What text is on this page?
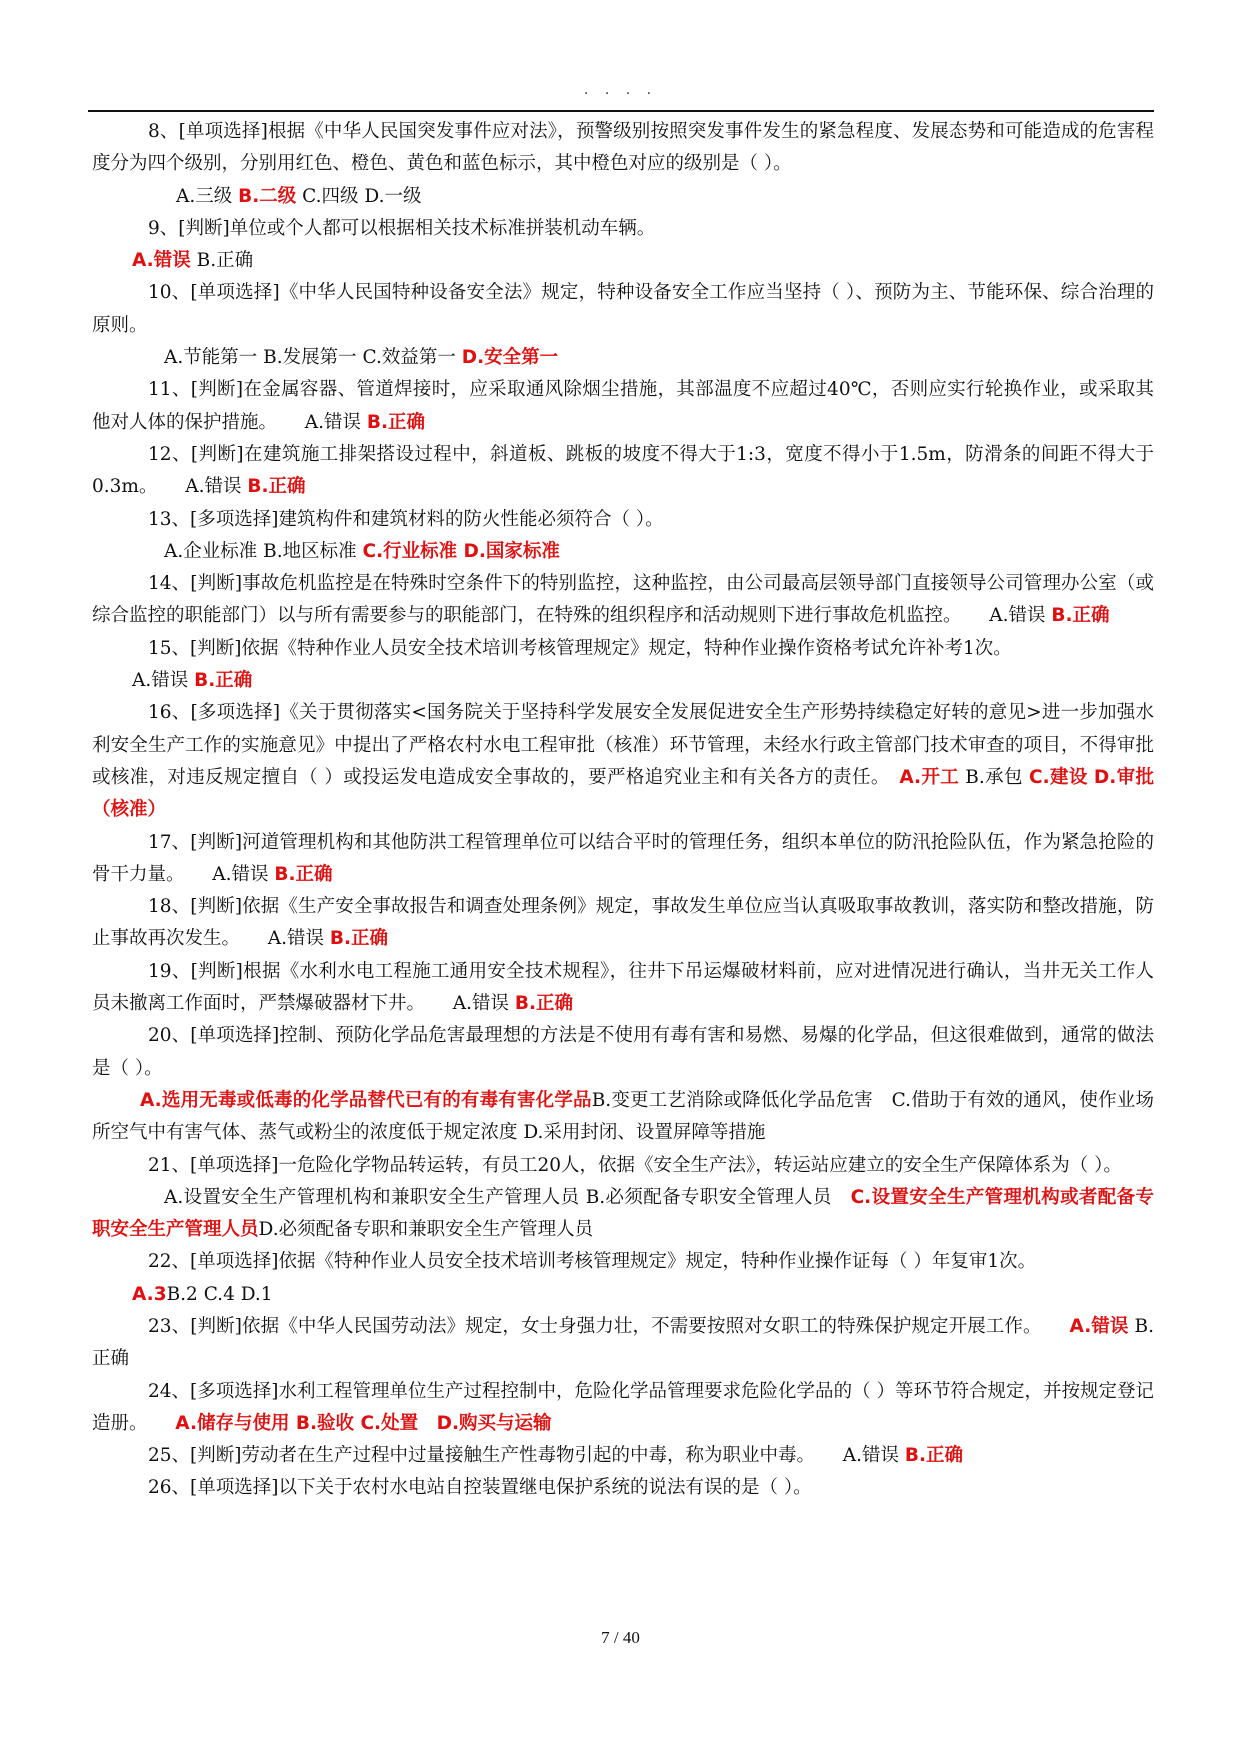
. . . .

8、[单项选择]根据《中华人民国突发事件应对法》，预警级别按照突发事件发生的紧急程度、发展态势和可能造成的危害程度分为四个级别，分别用红色、橙色、黄色和蓝色标示，其中橙色对应的级别是（ ）。

A.三级 B.二级 C.四级 D.一级

9、[判断]单位或个人都可以根据相关技术标准拼装机动车辆。

A.错误 B.正确

10、[单项选择]《中华人民国特种设备安全法》规定，特种设备安全工作应当坚持（ ）、预防为主、节能环保、综合治理的原则。

A.节能第一 B.发展第一 C.效益第一 D.安全第一

11、[判断]在金属容器、管道焊接时，应采取通风除烟尘措施，其部温度不应超过40℃，否则应实行轮换作业，或采取其他对人体的保护措施。　　 A.错误 B.正确

12、[判断]在建筑施工排架搭设过程中，斜道板、跳板的坡度不得大于1:3，宽度不得小于1.5m，防滑条的间距不得大于0.3m。　　 A.错误 B.正确

13、[多项选择]建筑构件和建筑材料的防火性能必须符合（ ）。

A.企业标准 B.地区标准 C.行业标准 D.国家标准

14、[判断]事故危机监控是在特殊时空条件下的特别监控，这种监控，由公司最高层领导部门直接领导公司管理办公室（或综合监控的职能部门）以与所有需要参与的职能部门，在特殊的组织程序和活动规则下进行事故危机监控。　　 A.错误 B.正确

15、[判断]依据《特种作业人员安全技术培训考核管理规定》规定，特种作业操作资格考试允许补考1次。

A.错误 B.正确

16、[多项选择]《关于贯彻落实<国务院关于坚持科学发展安全发展促进安全生产形势持续稳定好转的意见>进一步加强水利安全生产工作的实施意见》中提出了严格农村水电工程审批（核准）环节管理，未经水行政主管部门技术审查的项目，不得审批或核准，对违反规定擅自（ ）或投运发电造成安全事故的，要严格追究业主和有关各方的责任。　 A.开工 B.承包 C.建设 D.审批（核准）

17、[判断]河道管理机构和其他防洪工程管理单位可以结合平时的管理任务，组织本单位的防汛抢险队伍，作为紧急抢险的骨干力量。　　 A.错误 B.正确

18、[判断]依据《生产安全事故报告和调查处理条例》规定，事故发生单位应当认真吸取事故教训，落实防和整改措施，防止事故再次发生。　　 A.错误 B.正确

19、[判断]根据《水利水电工程施工通用安全技术规程》，往井下吊运爆破材料前，应对进情况进行确认，当井无关工作人员未撤离工作面时，严禁爆破器材下井。　　 A.错误 B.正确

20、[单项选择]控制、预防化学品危害最理想的方法是不使用有毒有害和易燃、易爆的化学品，但这很难做到，通常的做法是（ ）。

A.选用无毒或低毒的化学品替代已有的有毒有害化学品B.变更工艺消除或降低化学品危害　C.借助于有效的通风，使作业场所空气中有害气体、蒸气或粉尘的浓度低于规定浓度 D.采用封闭、设置屏障等措施

21、[单项选择]一危险化学物品转运转，有员工20人，依据《安全生产法》，转运站应建立的安全生产保障体系为（ ）。

A.设置安全生产管理机构和兼职安全生产管理人员 B.必须配备专职安全管理人员　 C.设置安全生产管理机构或者配备专职安全生产管理人员D.必须配备专职和兼职安全生产管理人员

22、[单项选择]依据《特种作业人员安全技术培训考核管理规定》规定，特种作业操作证每（ ）年复审1次。

A.3B.2 C.4 D.1

23、[判断]依据《中华人民国劳动法》规定，女士身强力壮，不需要按照对女职工的特殊保护规定开展工作。　　 A.错误 B.正确

24、[多项选择]水利工程管理单位生产过程控制中，危险化学品管理要求危险化学品的（ ）等环节符合规定，并按规定登记造册。　　 A.储存与使用 B.验收 C.处置　D.购买与运输

25、[判断]劳动者在生产过程中过量接触生产性毒物引起的中毒，称为职业中毒。　　 A.错误 B.正确

26、[单项选择]以下关于农村水电站自控装置继电保护系统的说法有误的是（ ）。

7 / 40
